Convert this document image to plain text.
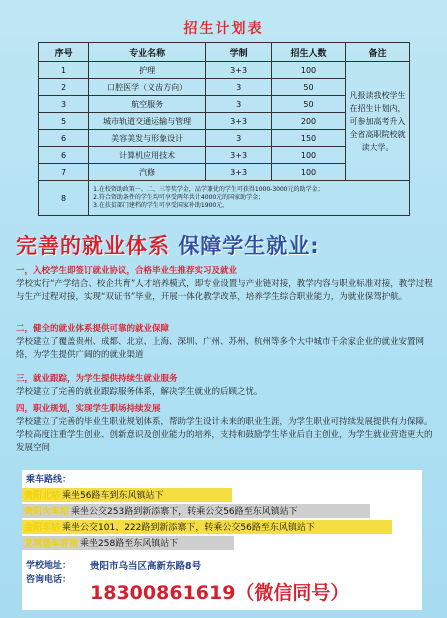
招生计划表
序号	专业名称	学制	招生人数	备注
1	护理	3+3	100	凡报读我校学生在招生计划内，可参加高考升入全省高职院校就读大学。
2	口腔医学（义齿方向）	3	50	
3	航空服务	3	50	
5	城市轨道交通运输与管理	3+3	200	
6	美容美发与形象设计	3	150	
6	计算机应用技术	3+3	100	
7	汽修	3+3	100	
8	1.在校资助政策一、二、三等奖学金，品学兼优的学生可获得1000-3000元的助学金；
2.符合资助条件的学生均可享受两年共计4000元的国家助学金；
3.在扶贫部门建档的学生可享受国家补助1900元。			
完善的就业体系 保障学生就业:
一，入校学生即签订就业协议，合格毕业生推荐实习及就业
学校实行“产学结合、校企共育”人才培养模式，即专业设置与产业链对接，教学内容与职业标准对接，教学过程与生产过程对接，实现“双证书”毕业，开展一体化教学改革，培养学生综合职业能力，为就业保驾护航。
二，健全的就业体系提供可靠的就业保障
学校建立了覆盖贵州、成都、北京、上海、深圳、广州、苏州、杭州等多个大中城市千余家企业的就业安置网络，为学生提供广阔的的就业渠道
三，就业跟踪，为学生提供持续生就业服务
学校建立了完善的就业跟踪服务体系，解决学生就业的后顾之忧。
四，职业规划，实现学生职场持续发展
学校建立了完善的毕业生职业规划体系，帮助学生设计未来的职业生涯，为学生职业可持续发展提供有力保障。学校高度注重学生创业、创新意识及创业能力的培养，支持和鼓励学生毕业后自主创业，为学生就业营造更大的发展空间
乘车路线：
贵阳北站 乘坐56路车到东风镇站下
贵阳火车站 乘坐公交253路到新添寨下，转乘公交56路至东风镇站下
金阳车站 乘坐公交101、222路到新添寨下，转乘公交56路至东风镇站下
龙洞堡车客站 乘坐258路至东风镇站下
学校地址： 贵阳市乌当区高新东路8号
咨询电话：
18300861619（微信同号）
